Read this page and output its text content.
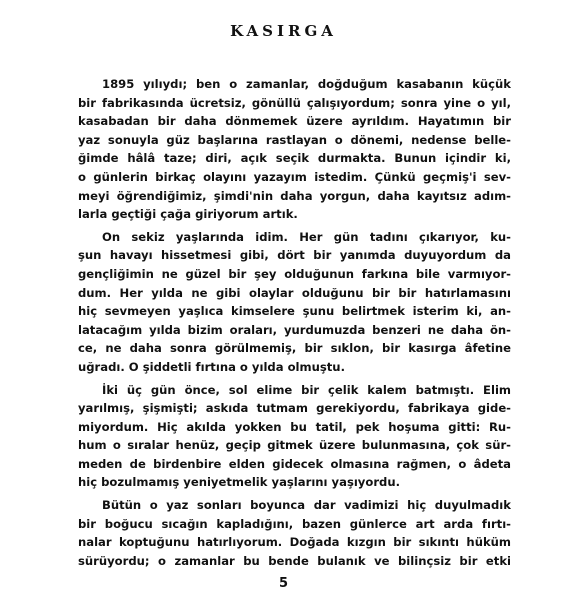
KASIRGA

1895 yılıydı; ben o zamanlar, doğduğum kasabanın küçük
bir fabrikasında ücretsiz, gönüllü çalışıyordum; sonra yine o yıl,
kasabadan bir daha dönmemek üzere ayrıldım. Hayatımın bir
yaz sonuyla güz başlarına rastlayan o dönemi, nedense belle-
ğimde hâlâ taze; diri, açık seçik durmakta. Bunun içindir ki,
o günlerin birkaç olayını yazayım istedim. Çünkü geçmiş'i sev-
meyi öğrendiğimiz, şimdi'nin daha yorgun, daha kayıtsız adım-
larla geçtiği çağa giriyorum artık.

On sekiz yaşlarında idim. Her gün tadını çıkarıyor, ku-
şun havayı hissetmesi gibi, dört bir yanımda duyuyordum da
gençliğimin ne güzel bir şey olduğunun farkına bile varmıyor-
dum. Her yılda ne gibi olaylar olduğunu bir bir hatırlamasını
hiç sevmeyen yaşlıca kimselere şunu belirtmek isterim ki, an-
latacağım yılda bizim oraları, yurdumuzda benzeri ne daha ön-
ce, ne daha sonra görülmemiş, bir sıklon, bir kasırga âfetine
uğradı. O şiddetli fırtına o yılda olmuştu.

İki üç gün önce, sol elime bir çelik kalem batmıştı. Elim
yarılmış, şişmişti; askıda tutmam gerekiyordu, fabrikaya gide-
miyordum. Hiç akılda yokken bu tatil, pek hoşuma gitti: Ru-
hum o sıralar henüz, geçip gitmek üzere bulunmasına, çok sür-
meden de birdenbire elden gidecek olmasına rağmen, o âdeta
hiç bozulmamış yeniyetmelik yaşlarını yaşıyordu.

Bütün o yaz sonları boyunca dar vadimizi hiç duyulmadık
bir boğucu sıcağın kapladığını, bazen günlerce art arda fırtı-
nalar koptuğunu hatırlıyorum. Doğada kızgın bir sıkıntı hüküm
sürüyordu; o zamanlar bu bende bulanık ve bilinçsiz bir etki

5
